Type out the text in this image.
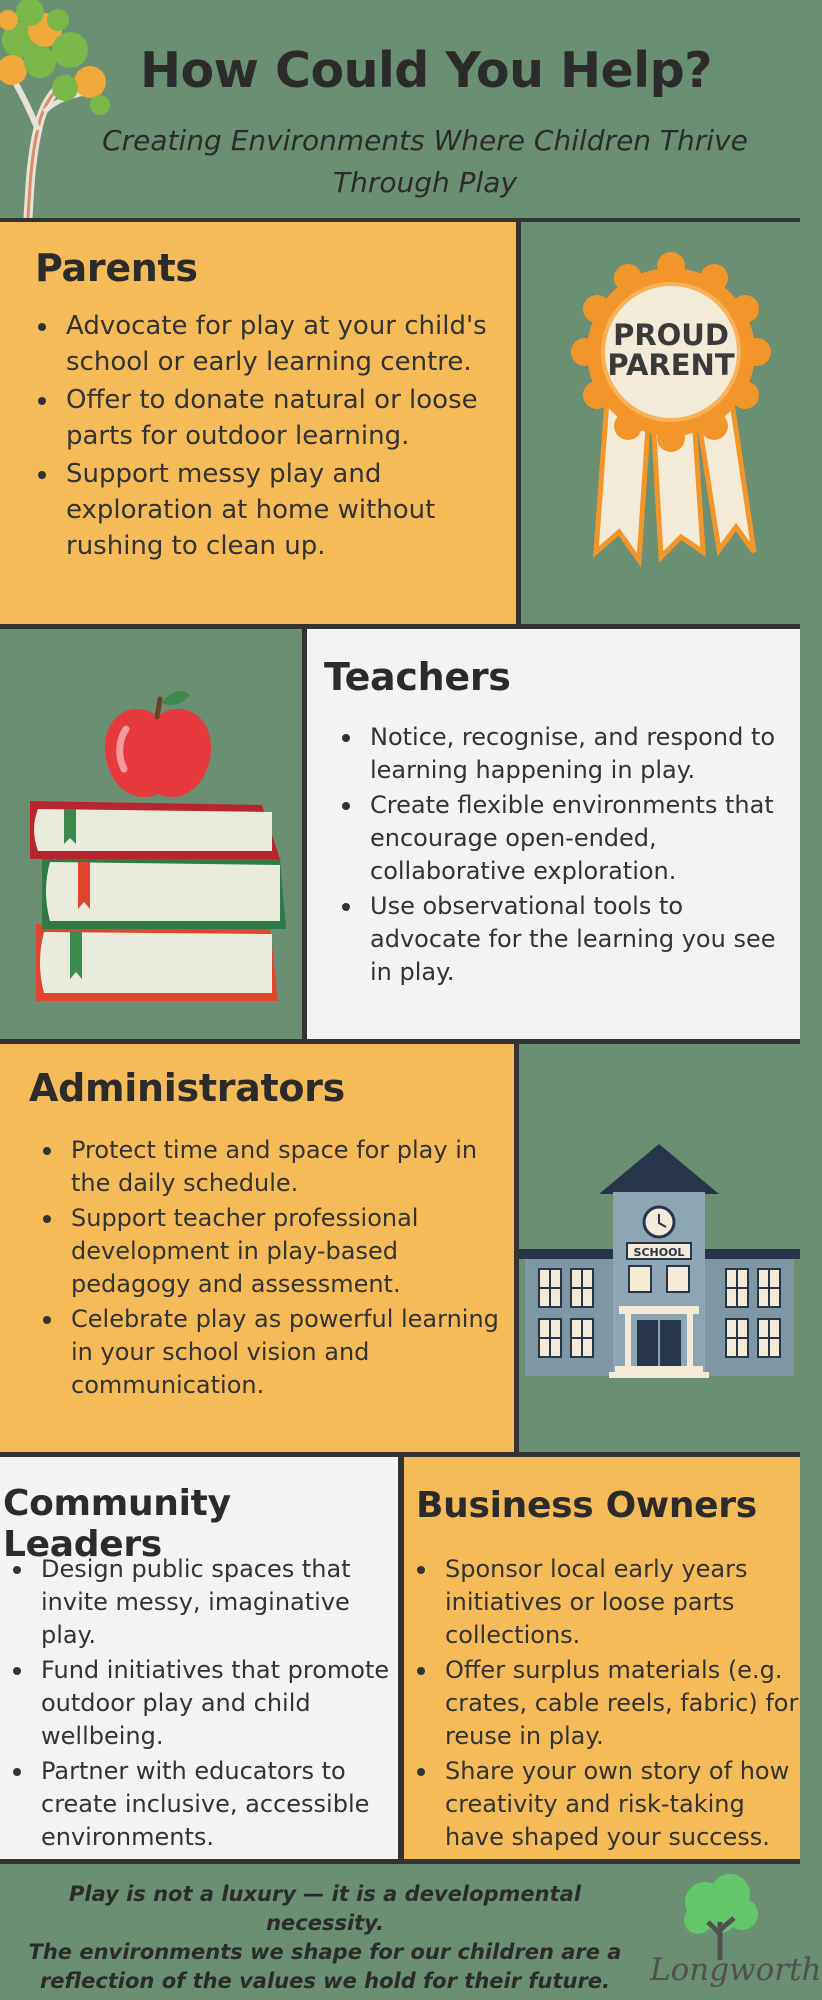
How Could You Help?
Creating Environments Where Children Thrive Through Play
Parents
Advocate for play at your child's school or early learning centre.
Offer to donate natural or loose parts for outdoor learning.
Support messy play and exploration at home without rushing to clean up.
PROUD
PARENT
Teachers
Notice, recognise, and respond to learning happening in play.
Create flexible environments that encourage open-ended, collaborative exploration.
Use observational tools to advocate for the learning you see in play.
Administrators
Protect time and space for play in the daily schedule.
Support teacher professional development in play-based pedagogy and assessment.
Celebrate play as powerful learning in your school vision and communication.
SCHOOL
Community Leaders
Design public spaces that invite messy, imaginative play.
Fund initiatives that promote outdoor play and child wellbeing.
Partner with educators to create inclusive, accessible environments.
Business Owners
Sponsor local early years initiatives or loose parts collections.
Offer surplus materials (e.g. crates, cable reels, fabric) for reuse in play.
Share your own story of how creativity and risk-taking have shaped your success.
Play is not a luxury — it is a developmental necessity.
The environments we shape for our children are a
reflection of the values we hold for their future.	Longworth
